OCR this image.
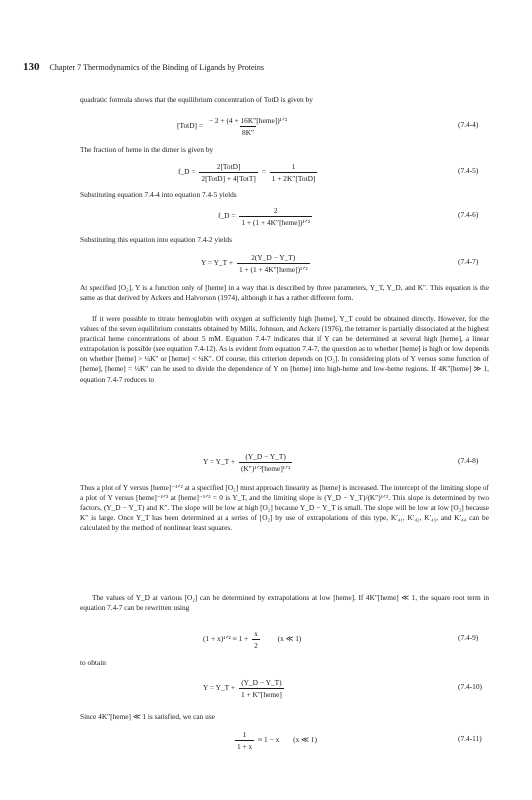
130 Chapter 7 Thermodynamics of the Binding of Ligands by Proteins
quadratic formula shows that the equilibrium concentration of TotD is given by
[TotD] = $\frac{\text{− 2 + (4 + 16K″[heme])¹ᐟ²}}{8K''}$	(7.4-4)
The fraction of heme in the dimer is given by
f_D = $\frac{\text{2[TotD]}}{\text{2[TotD] + 4[TotT]}} = \frac{1}{\text{1 + 2K″[TotD]}}$	(7.4-5)
Substituting equation 7.4-4 into equation 7.4-5 yields
f_D = $\frac{2}{\text{1 + (1 + 4K″[heme])¹ᐟ²}}$	(7.4-6)
Substituting this equation into equation 7.4-2 yields
Y = Y_T + $\frac{2(Y\_D - Y\_T)}{\text{1 + (1 + 4K″[heme])¹ᐟ²}}$	(7.4-7)
At specified [O₂], Y is a function only of [heme] in a way that is described by three parameters, Y_T, Y_D, and K″. This equation is the same as that derived by Ackers and Halvorson (1974), although it has a rather different form.
If it were possible to titrate hemoglobin with oxygen at sufficiently high [heme], Y_T could be obtained directly. However, for the values of the seven equilibrium constants obtained by Mills, Johnson, and Ackers (1976), the tetramer is partially dissociated at the highest practical heme concentrations of about 5 mM. Equation 7.4-7 indicates that if Y can be determined at several high [heme], a linear extrapolation is possible (see equation 7.4-12). As is evident from equation 7.4-7, the question as to whether [heme] is high or low depends on whether [heme] > ¼K″ or [heme] < ¼K″. Of course, this criterion depends on [O₂]. In considering plots of Y versus some function of [heme], [heme] = ¼K″ can be used to divide the dependence of Y on [heme] into high-heme and low-heme regions. If 4K″[heme] ≫ 1, equation 7.4-7 reduces to
Y = Y_T + $\frac{(Y\_D - Y\_T)}{\text{(K″)¹ᐟ²[heme]¹ᐟ²}}$	(7.4-8)
Thus a plot of Y versus [heme]⁻¹ᐟ² at a specified [O₂] must approach linearity as [heme] is increased. The intercept of the limiting slope of a plot of Y versus [heme]⁻¹ᐟ² at [heme]⁻¹ᐟ² = 0 is Y_T, and the limiting slope is (Y_D − Y_T)/(K″)¹ᐟ². This slope is determined by two factors, (Y_D − Y_T) and K″. The slope will be low at high [O₂] because Y_D − Y_T is small. The slope will be low at low [O₂] because K″ is large. Once Y_T has been determined at a series of [O₂] by use of extrapolations of this type, K′₄₁, K′₄₂, K′₄₃, and K′₄₄ can be calculated by the method of nonlinear least squares.
The values of Y_D at various [O₂] can be determined by extrapolations at low [heme]. If 4K″[heme] ≪ 1, the square root term in equation 7.4-7 can be rewritten using
(1 + x)¹ᐟ² ≈ $1 + \frac{x}{2} (x$ ≪ 1)	(7.4-9)
to obtain
Y = Y_T + $\frac{(Y\_D - Y\_T)}{\text{1 + K″[heme]}}$	(7.4-10)
Since 4K″[heme] ≪ 1 is satisfied, we can use
$\frac{1}{1 + x} \approx 1 - x$ (x ≪ 1)	(7.4-11)
